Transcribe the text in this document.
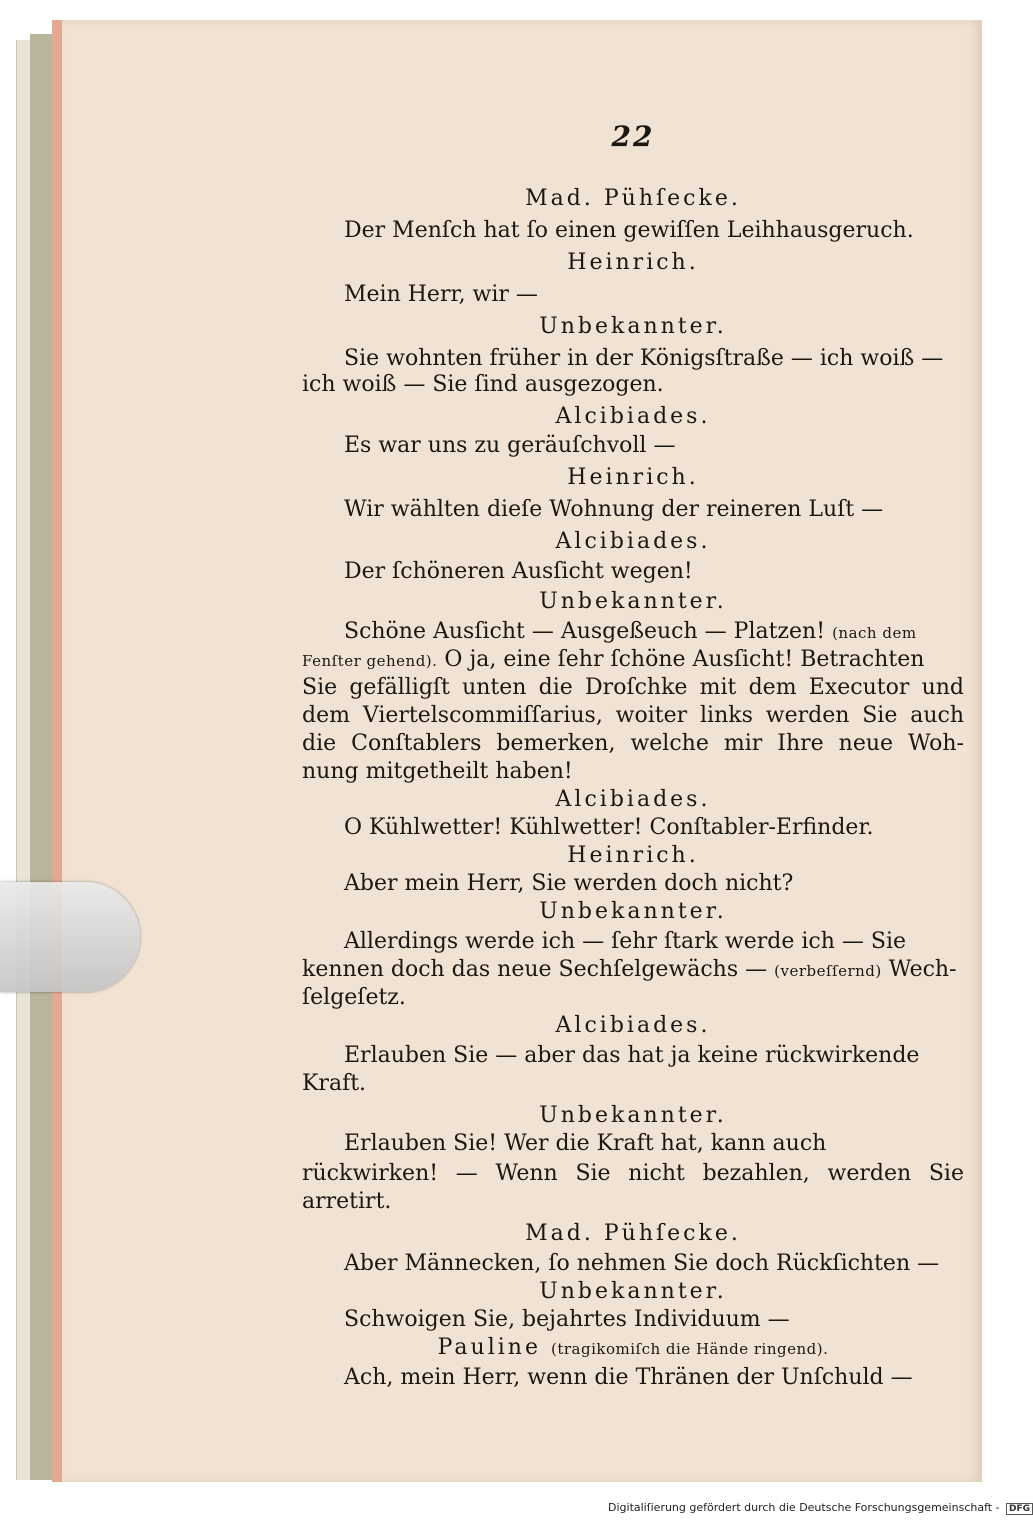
22
Mad. Pühſecke.
Der Menſch hat ſo einen gewiſſen Leihhausgeruch.
Heinrich.
Mein Herr, wir —
Unbekannter.
Sie wohnten früher in der Königsſtraße — ich woiß —
ich woiß — Sie ſind ausgezogen.
Alcibiades.
Es war uns zu geräuſchvoll —
Heinrich.
Wir wählten dieſe Wohnung der reineren Luſt —
Alcibiades.
Der ſchöneren Ausſicht wegen!
Unbekannter.
Schöne Ausſicht — Ausgeßeuch — Platzen! (nach dem
Fenſter gehend). O ja, eine ſehr ſchöne Ausſicht! Betrachten
Sie gefälligſt unten die Droſchke mit dem Executor und
dem Viertelscommiſſarius, woiter links werden Sie auch
die Conſtablers bemerken, welche mir Ihre neue Woh-
nung mitgetheilt haben!
Alcibiades.
O Kühlwetter! Kühlwetter! Conſtabler-Erfinder.
Heinrich.
Aber mein Herr, Sie werden doch nicht?
Unbekannter.
Allerdings werde ich — ſehr ſtark werde ich — Sie
kennen doch das neue Sechſelgewächs — (verbeſſernd) Wech-
ſelgeſetz.
Alcibiades.
Erlauben Sie — aber das hat ja keine rückwirkende
Kraft.
Unbekannter.
Erlauben Sie! Wer die Kraft hat, kann auch
rückwirken! — Wenn Sie nicht bezahlen, werden Sie
arretirt.
Mad. Pühſecke.
Aber Männecken, ſo nehmen Sie doch Rückſichten —
Unbekannter.
Schwoigen Sie, bejahrtes Individuum —
Pauline (tragikomiſch die Hände ringend).
Ach, mein Herr, wenn die Thränen der Unſchuld —
Digitaliſierung gefördert durch die Deutsche Forschungsgemeinschaft - DFG
